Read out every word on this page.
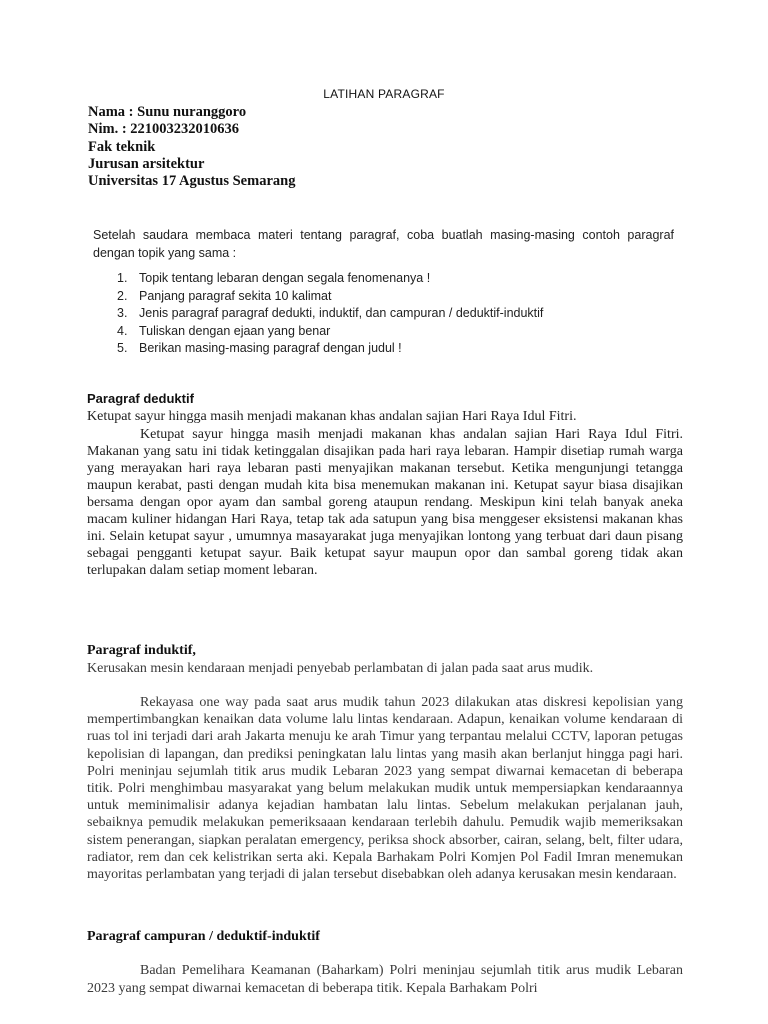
LATIHAN PARAGRAF
Nama : Sunu nuranggoro
Nim. : 221003232010636
Fak teknik
Jurusan arsitektur
Universitas 17 Agustus Semarang
Setelah saudara membaca materi tentang paragraf, coba buatlah masing-masing contoh paragraf dengan topik yang sama :
1. Topik tentang lebaran dengan segala fenomenanya !
2. Panjang paragraf sekita 10 kalimat
3. Jenis paragraf paragraf dedukti, induktif, dan campuran / deduktif-induktif
4. Tuliskan dengan ejaan yang benar
5. Berikan masing-masing paragraf dengan judul !
Paragraf deduktif

Ketupat sayur hingga masih menjadi makanan khas andalan sajian Hari Raya Idul Fitri.

Ketupat sayur hingga masih menjadi makanan khas andalan sajian Hari Raya Idul Fitri. Makanan yang satu ini tidak ketinggalan disajikan pada hari raya lebaran. Hampir disetiap rumah warga yang merayakan hari raya lebaran pasti menyajikan makanan tersebut. Ketika mengunjungi tetangga maupun kerabat, pasti dengan mudah kita bisa menemukan makanan ini. Ketupat sayur biasa disajikan bersama dengan opor ayam dan sambal goreng ataupun rendang. Meskipun kini telah banyak aneka macam kuliner hidangan Hari Raya, tetap tak ada satupun yang bisa menggeser eksistensi makanan khas ini. Selain ketupat sayur , umumnya masayarakat juga menyajikan lontong yang terbuat dari daun pisang sebagai pengganti ketupat sayur. Baik ketupat sayur maupun opor dan sambal goreng tidak akan terlupakan dalam setiap moment lebaran.

Paragraf induktif,

Kerusakan mesin kendaraan menjadi penyebab perlambatan di jalan pada saat arus mudik.

Rekayasa one way pada saat arus mudik tahun 2023 dilakukan atas diskresi kepolisian yang mempertimbangkan kenaikan data volume lalu lintas kendaraan. Adapun, kenaikan volume kendaraan di ruas tol ini terjadi dari arah Jakarta menuju ke arah Timur yang terpantau melalui CCTV, laporan petugas kepolisian di lapangan, dan prediksi peningkatan lalu lintas yang masih akan berlanjut hingga pagi hari. Polri meninjau sejumlah titik arus mudik Lebaran 2023 yang sempat diwarnai kemacetan di beberapa titik. Polri menghimbau masyarakat yang belum melakukan mudik untuk mempersiapkan kendaraannya untuk meminimalisir adanya kejadian hambatan lalu lintas. Sebelum melakukan perjalanan jauh, sebaiknya pemudik melakukan pemeriksaaan kendaraan terlebih dahulu. Pemudik wajib memeriksakan sistem penerangan, siapkan peralatan emergency, periksa shock absorber, cairan, selang, belt, filter udara, radiator, rem dan cek kelistrikan serta aki. Kepala Barhakam Polri Komjen Pol Fadil Imran menemukan mayoritas perlambatan yang terjadi di jalan tersebut disebabkan oleh adanya kerusakan mesin kendaraan.

Paragraf campuran / deduktif-induktif

Badan Pemelihara Keamanan (Baharkam) Polri meninjau sejumlah titik arus mudik Lebaran 2023 yang sempat diwarnai kemacetan di beberapa titik. Kepala Barhakam Polri
